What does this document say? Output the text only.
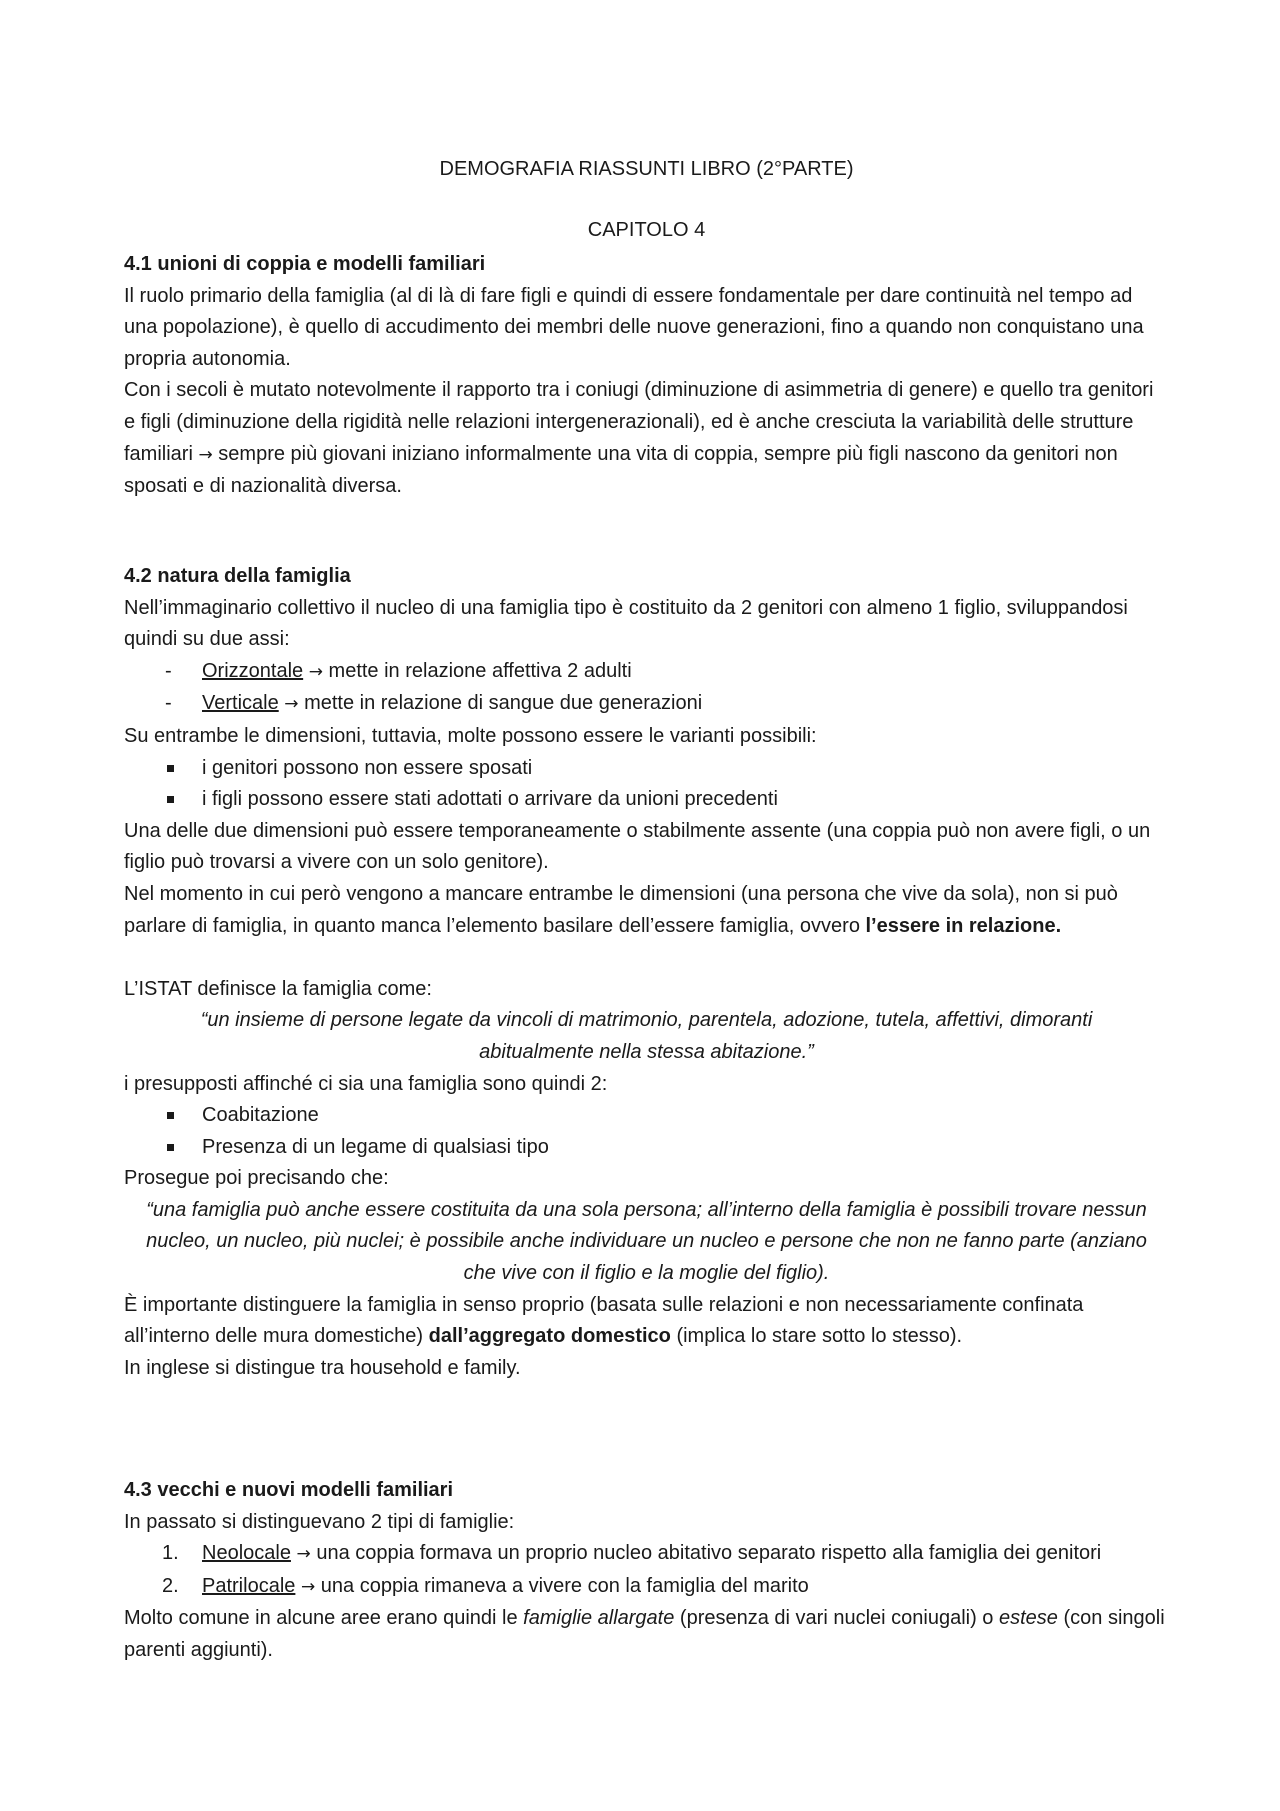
DEMOGRAFIA RIASSUNTI LIBRO (2°PARTE)

CAPITOLO 4

4.1 unioni di coppia e modelli familiari

Il ruolo primario della famiglia (al di là di fare figli e quindi di essere fondamentale per dare continuità nel tempo ad una popolazione), è quello di accudimento dei membri delle nuove generazioni, fino a quando non conquistano una propria autonomia.

Con i secoli è mutato notevolmente il rapporto tra i coniugi (diminuzione di asimmetria di genere) e quello tra genitori e figli (diminuzione della rigidità nelle relazioni intergenerazionali), ed è anche cresciuta la variabilità delle strutture familiari → sempre più giovani iniziano informalmente una vita di coppia, sempre più figli nascono da genitori non sposati e di nazionalità diversa.

4.2 natura della famiglia

Nell’immaginario collettivo il nucleo di una famiglia tipo è costituito da 2 genitori con almeno 1 figlio, sviluppandosi quindi su due assi:

- Orizzontale → mette in relazione affettiva 2 adulti
- Verticale → mette in relazione di sangue due generazioni

Su entrambe le dimensioni, tuttavia, molte possono essere le varianti possibili:

i genitori possono non essere sposati
i figli possono essere stati adottati o arrivare da unioni precedenti

Una delle due dimensioni può essere temporaneamente o stabilmente assente (una coppia può non avere figli, o un figlio può trovarsi a vivere con un solo genitore).

Nel momento in cui però vengono a mancare entrambe le dimensioni (una persona che vive da sola), non si può parlare di famiglia, in quanto manca l’elemento basilare dell’essere famiglia, ovvero l’essere in relazione.

L’ISTAT definisce la famiglia come:

“un insieme di persone legate da vincoli di matrimonio, parentela, adozione, tutela, affettivi, dimoranti abitualmente nella stessa abitazione.”

i presupposti affinché ci sia una famiglia sono quindi 2:

Coabitazione
Presenza di un legame di qualsiasi tipo

Prosegue poi precisando che:

“una famiglia può anche essere costituita da una sola persona; all’interno della famiglia è possibili trovare nessun nucleo, un nucleo, più nuclei; è possibile anche individuare un nucleo e persone che non ne fanno parte (anziano che vive con il figlio e la moglie del figlio).

È importante distinguere la famiglia in senso proprio (basata sulle relazioni e non necessariamente confinata all’interno delle mura domestiche) dall’aggregato domestico (implica lo stare sotto lo stesso).

In inglese si distingue tra household e family.

4.3 vecchi e nuovi modelli familiari

In passato si distinguevano 2 tipi di famiglie:

1. Neolocale → una coppia formava un proprio nucleo abitativo separato rispetto alla famiglia dei genitori
2. Patrilocale → una coppia rimaneva a vivere con la famiglia del marito

Molto comune in alcune aree erano quindi le famiglie allargate (presenza di vari nuclei coniugali) o estese (con singoli parenti aggiunti).
